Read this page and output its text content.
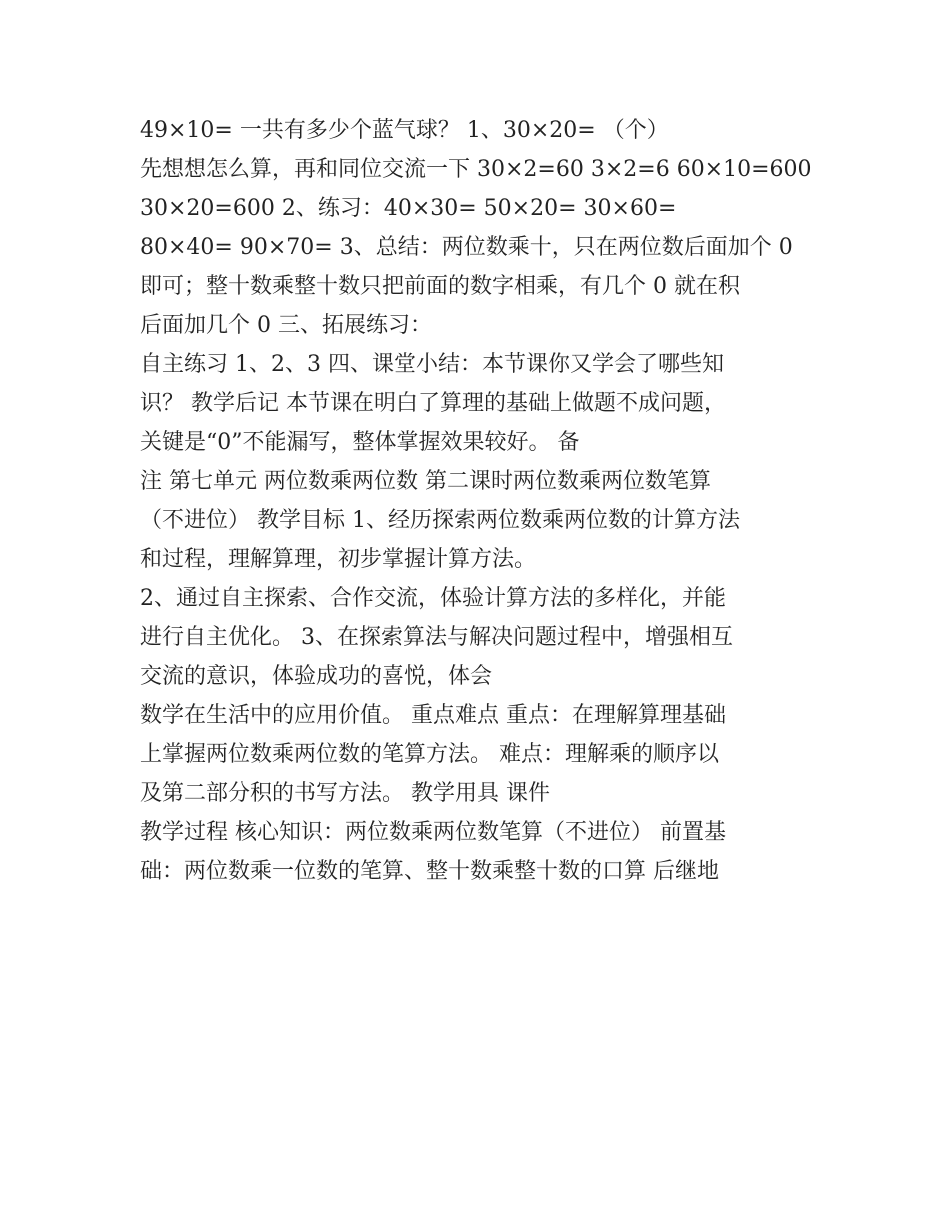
49×10= 一共有多少个蓝气球？ 1、30×20= （个）
先想想怎么算，再和同位交流一下 30×2=60 3×2=6 60×10=600
30×20=600 2、练习：40×30= 50×20= 30×60=
80×40= 90×70= 3、总结：两位数乘十，只在两位数后面加个 0
即可；整十数乘整十数只把前面的数字相乘，有几个 0 就在积
后面加几个 0 三、拓展练习：
自主练习 1、2、3 四、课堂小结：本节课你又学会了哪些知
识？ 教学后记 本节课在明白了算理的基础上做题不成问题，
关键是“0”不能漏写，整体掌握效果较好。 备
注 第七单元 两位数乘两位数 第二课时两位数乘两位数笔算
（不进位） 教学目标 1、经历探索两位数乘两位数的计算方法
和过程，理解算理，初步掌握计算方法。
2、通过自主探索、合作交流，体验计算方法的多样化，并能
进行自主优化。 3、在探索算法与解决问题过程中，增强相互
交流的意识，体验成功的喜悦，体会
数学在生活中的应用价值。 重点难点 重点：在理解算理基础
上掌握两位数乘两位数的笔算方法。 难点：理解乘的顺序以
及第二部分积的书写方法。 教学用具 课件
教学过程 核心知识：两位数乘两位数笔算（不进位） 前置基
础：两位数乘一位数的笔算、整十数乘整十数的口算 后继地
